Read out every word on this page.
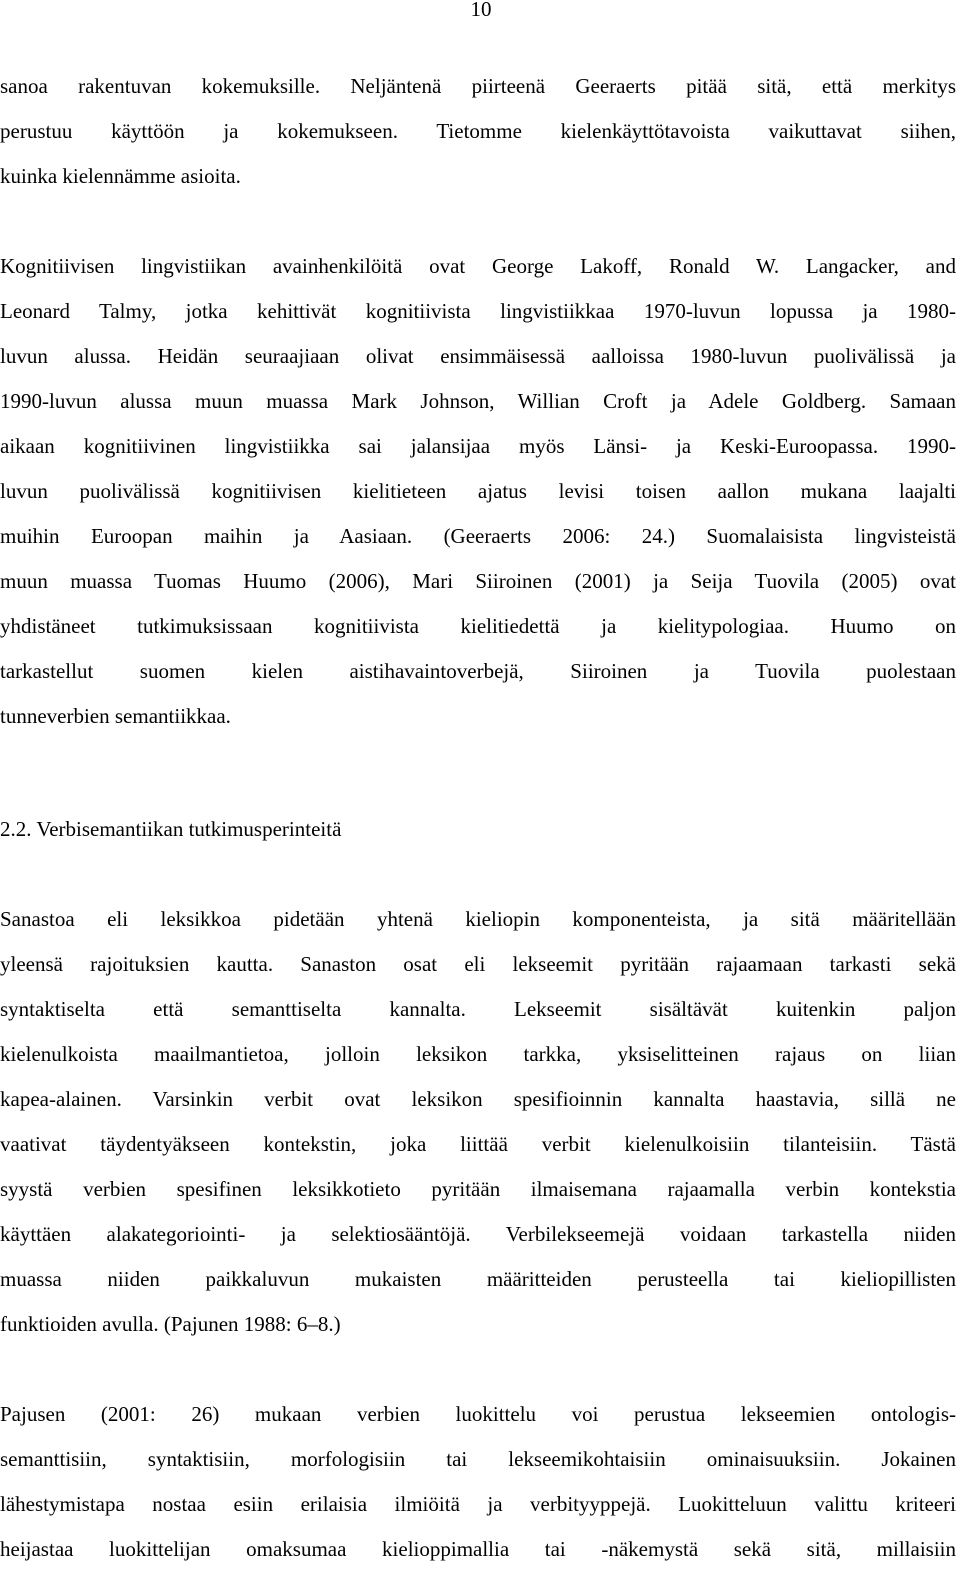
10
sanoa rakentuvan kokemuksille. Neljäntenä piirteenä Geeraerts pitää sitä, että merkitys
perustuu käyttöön ja kokemukseen. Tietomme kielenkäyttötavoista vaikuttavat siihen,
kuinka kielennämme asioita.
Kognitiivisen lingvistiikan avainhenkilöitä ovat George Lakoff, Ronald W. Langacker, and
Leonard Talmy, jotka kehittivät kognitiivista lingvistiikkaa 1970-luvun lopussa ja 1980-
luvun alussa. Heidän seuraajiaan olivat ensimmäisessä aalloissa 1980-luvun puolivälissä ja
1990-luvun alussa muun muassa Mark Johnson, Willian Croft ja Adele Goldberg. Samaan
aikaan kognitiivinen lingvistiikka sai jalansijaa myös Länsi- ja Keski-Euroopassa. 1990-
luvun puolivälissä kognitiivisen kielitieteen ajatus levisi toisen aallon mukana laajalti
muihin Euroopan maihin ja Aasiaan. (Geeraerts 2006: 24.) Suomalaisista lingvisteistä
muun muassa Tuomas Huumo (2006), Mari Siiroinen (2001) ja Seija Tuovila (2005) ovat
yhdistäneet tutkimuksissaan kognitiivista kielitiedettä ja kielitypologiaa. Huumo on
tarkastellut suomen kielen aistihavaintoverbejä, Siiroinen ja Tuovila puolestaan
tunneverbien semantiikkaa.
2.2. Verbisemantiikan tutkimusperinteitä
Sanastoa eli leksikkoa pidetään yhtenä kieliopin komponenteista, ja sitä määritellään
yleensä rajoituksien kautta. Sanaston osat eli lekseemit pyritään rajaamaan tarkasti sekä
syntaktiselta että semanttiselta kannalta. Lekseemit sisältävät kuitenkin paljon
kielenulkoista maailmantietoa, jolloin leksikon tarkka, yksiselitteinen rajaus on liian
kapea-alainen. Varsinkin verbit ovat leksikon spesifioinnin kannalta haastavia, sillä ne
vaativat täydentyäkseen kontekstin, joka liittää verbit kielenulkoisiin tilanteisiin. Tästä
syystä verbien spesifinen leksikkotieto pyritään ilmaisemana rajaamalla verbin kontekstia
käyttäen alakategoriointi- ja selektiosääntöjä. Verbilekseemejä voidaan tarkastella niiden
muassa niiden paikkaluvun mukaisten määritteiden perusteella tai kieliopillisten
funktioiden avulla. (Pajunen 1988: 6–8.)
Pajusen (2001: 26) mukaan verbien luokittelu voi perustua lekseemien ontologis-
semanttisiin, syntaktisiin, morfologisiin tai lekseemikohtaisiin ominaisuuksiin. Jokainen
lähestymistapa nostaa esiin erilaisia ilmiöitä ja verbityyppejä. Luokitteluun valittu kriteeri
heijastaa luokittelijan omaksumaa kielioppimallia tai -näkemystä sekä sitä, millaisiin
